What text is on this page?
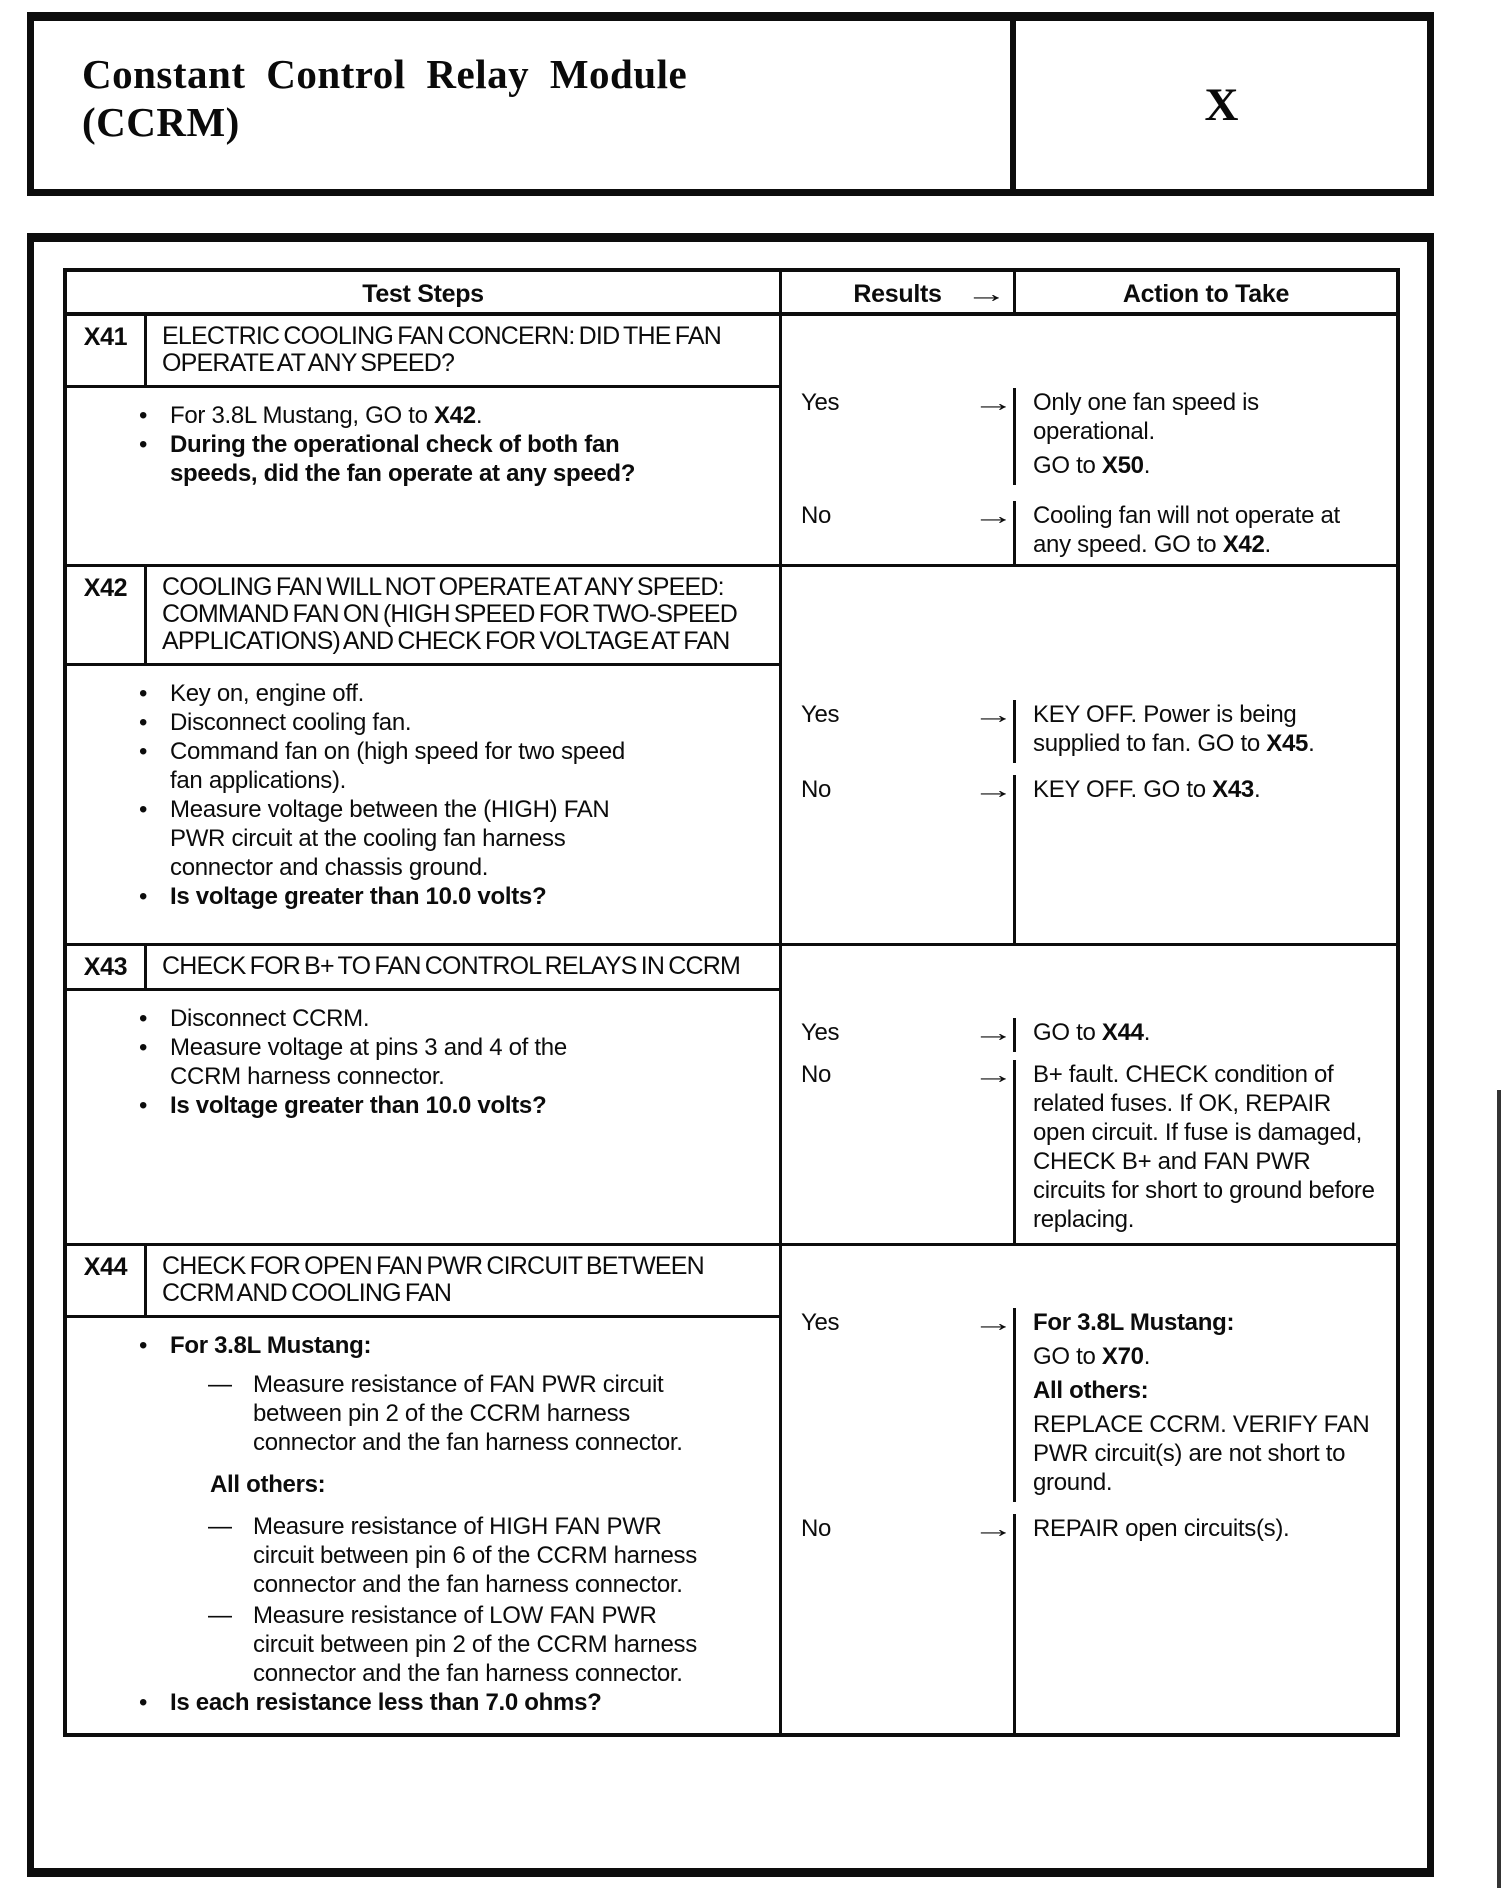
Constant Control Relay Module
(CCRM)	X
Test Steps	Results →	Action to Take
X41	ELECTRIC COOLING FAN CONCERN: DID THE FAN OPERATE AT ANY SPEED?
• For 3.8L Mustang, GO to X42.
• During the operational check of both fan speeds, did the fan operate at any speed?
Yes	→ Only one fan speed is operational.

GO to X50.

No	→ Cooling fan will not operate at any speed. GO to X42.

X42	COOLING FAN WILL NOT OPERATE AT ANY SPEED: COMMAND FAN ON (HIGH SPEED FOR TWO-SPEED APPLICATIONS) AND CHECK FOR VOLTAGE AT FAN
• Key on, engine off.
• Disconnect cooling fan.
• Command fan on (high speed for two speed fan applications).
• Measure voltage between the (HIGH) FAN PWR circuit at the cooling fan harness connector and chassis ground.
• Is voltage greater than 10.0 volts?
Yes	→ KEY OFF. Power is being supplied to fan. GO to X45.

No	→ KEY OFF. GO to X43.

X43	CHECK FOR B+ TO FAN CONTROL RELAYS IN CCRM
• Disconnect CCRM.
• Measure voltage at pins 3 and 4 of the CCRM harness connector.
• Is voltage greater than 10.0 volts?
Yes	→ GO to X44.

No	→ B+ fault. CHECK condition of related fuses. If OK, REPAIR open circuit. If fuse is damaged, CHECK B+ and FAN PWR circuits for short to ground before replacing.

X44	CHECK FOR OPEN FAN PWR CIRCUIT BETWEEN CCRM AND COOLING FAN
• For 3.8L Mustang:
— Measure resistance of FAN PWR circuit between pin 2 of the CCRM harness connector and the fan harness connector.
All others:
— Measure resistance of HIGH FAN PWR circuit between pin 6 of the CCRM harness connector and the fan harness connector.
— Measure resistance of LOW FAN PWR circuit between pin 2 of the CCRM harness connector and the fan harness connector.
• Is each resistance less than 7.0 ohms?
Yes	→ For 3.8L Mustang:

GO to X70.

All others:

REPLACE CCRM. VERIFY FAN PWR circuit(s) are not short to ground.

No	→ REPAIR open circuits(s).
